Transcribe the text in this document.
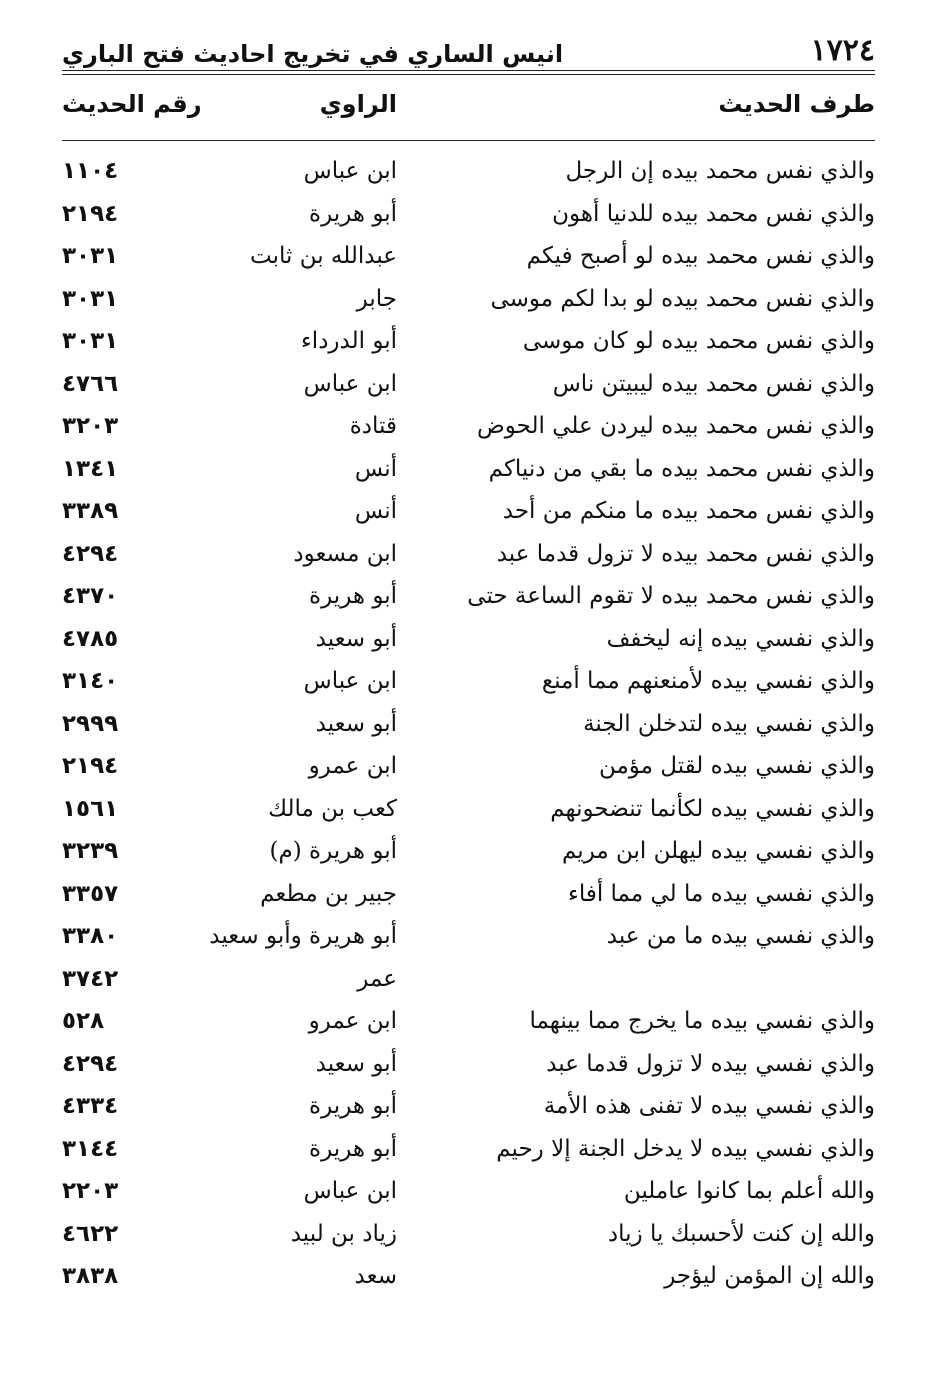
١٧٢٤
انيس الساري في تخريج احاديث فتح الباري
طرف الحديث
الراوي
رقم الحديث
والذي نفس محمد بيده إن الرجل
ابن عباس
١١٠٤
والذي نفس محمد بيده للدنيا أهون
أبو هريرة
٢١٩٤
والذي نفس محمد بيده لو أصبح فيكم
عبدالله بن ثابت
٣٠٣١
والذي نفس محمد بيده لو بدا لكم موسى
جابر
٣٠٣١
والذي نفس محمد بيده لو كان موسى
أبو الدرداء
٣٠٣١
والذي نفس محمد بيده ليبيتن ناس
ابن عباس
٤٧٦٦
والذي نفس محمد بيده ليردن علي الحوض
قتادة
٣٢٠٣
والذي نفس محمد بيده ما بقي من دنياكم
أنس
١٣٤١
والذي نفس محمد بيده ما منكم من أحد
أنس
٣٣٨٩
والذي نفس محمد بيده لا تزول قدما عبد
ابن مسعود
٤٢٩٤
والذي نفس محمد بيده لا تقوم الساعة حتى
أبو هريرة
٤٣٧٠
والذي نفسي بيده إنه ليخفف
أبو سعيد
٤٧٨٥
والذي نفسي بيده لأمنعنهم مما أمنع
ابن عباس
٣١٤٠
والذي نفسي بيده لتدخلن الجنة
أبو سعيد
٢٩٩٩
والذي نفسي بيده لقتل مؤمن
ابن عمرو
٢١٩٤
والذي نفسي بيده لكأنما تنضحونهم
كعب بن مالك
١٥٦١
والذي نفسي بيده ليهلن ابن مريم
أبو هريرة (م)
٣٢٣٩
والذي نفسي بيده ما لي مما أفاء
جبير بن مطعم
٣٣٥٧
والذي نفسي بيده ما من عبد
أبو هريرة وأبو سعيد
٣٣٨٠
عمر
٣٧٤٢
والذي نفسي بيده ما يخرج مما بينهما
ابن عمرو
٥٢٨
والذي نفسي بيده لا تزول قدما عبد
أبو سعيد
٤٢٩٤
والذي نفسي بيده لا تفنى هذه الأمة
أبو هريرة
٤٣٣٤
والذي نفسي بيده لا يدخل الجنة إلا رحيم
أبو هريرة
٣١٤٤
والله أعلم بما كانوا عاملين
ابن عباس
٢٢٠٣
والله إن كنت لأحسبك يا زياد
زياد بن لبيد
٤٦٢٢
والله إن المؤمن ليؤجر
سعد
٣٨٣٨
